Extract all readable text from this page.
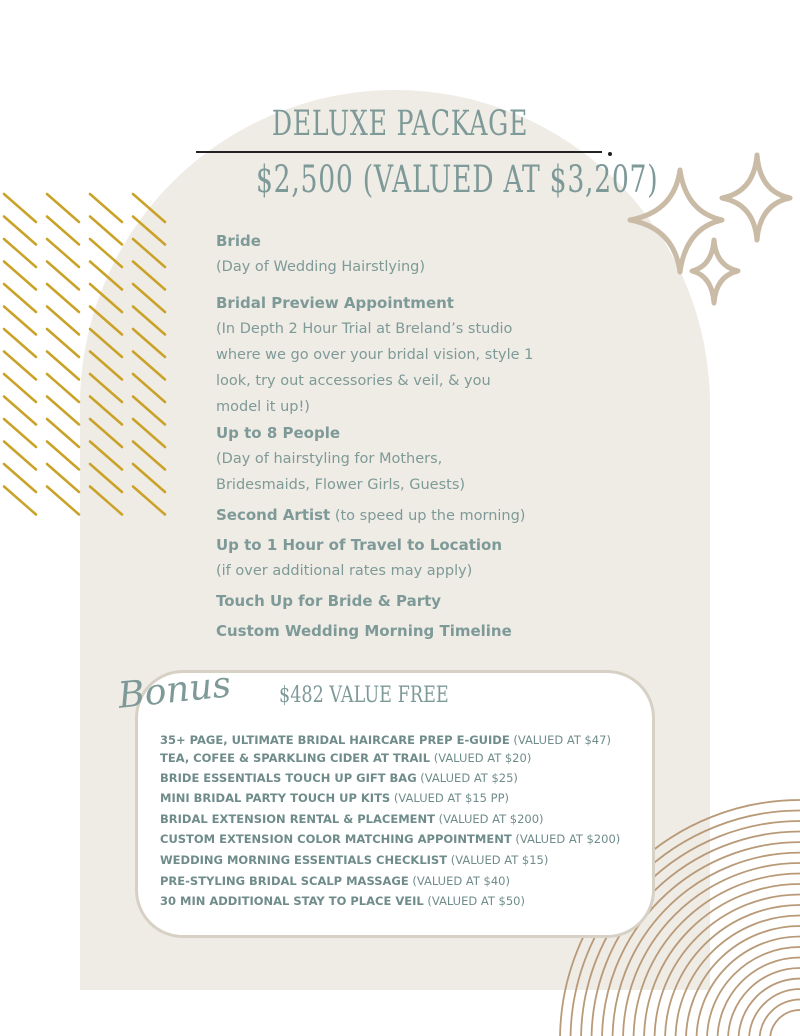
DELUXE PACKAGE
$2,500 (VALUED AT $3,207)
Bride
(Day of Wedding Hairstlying)
Bridal Preview Appointment
(In Depth 2 Hour Trial at Breland’s studio
where we go over your bridal vision, style 1
look, try out accessories & veil, & you
model it up!)
Up to 8 People
(Day of hairstyling for Mothers,
Bridesmaids, Flower Girls, Guests)
Second Artist (to speed up the morning)
Up to 1 Hour of Travel to Location
(if over additional rates may apply)
Touch Up for Bride & Party
Custom Wedding Morning Timeline
Bonus $482 VALUE FREE
35+ PAGE, ULTIMATE BRIDAL HAIRCARE PREP E-GUIDE (VALUED AT $47)
TEA, COFEE & SPARKLING CIDER AT TRAIL (VALUED AT $20)
BRIDE ESSENTIALS TOUCH UP GIFT BAG (VALUED AT $25)
MINI BRIDAL PARTY TOUCH UP KITS (VALUED AT $15 PP)
BRIDAL EXTENSION RENTAL & PLACEMENT (VALUED AT $200)
CUSTOM EXTENSION COLOR MATCHING APPOINTMENT (VALUED AT $200)
WEDDING MORNING ESSENTIALS CHECKLIST (VALUED AT $15)
PRE-STYLING BRIDAL SCALP MASSAGE (VALUED AT $40)
30 MIN ADDITIONAL STAY TO PLACE VEIL (VALUED AT $50)
